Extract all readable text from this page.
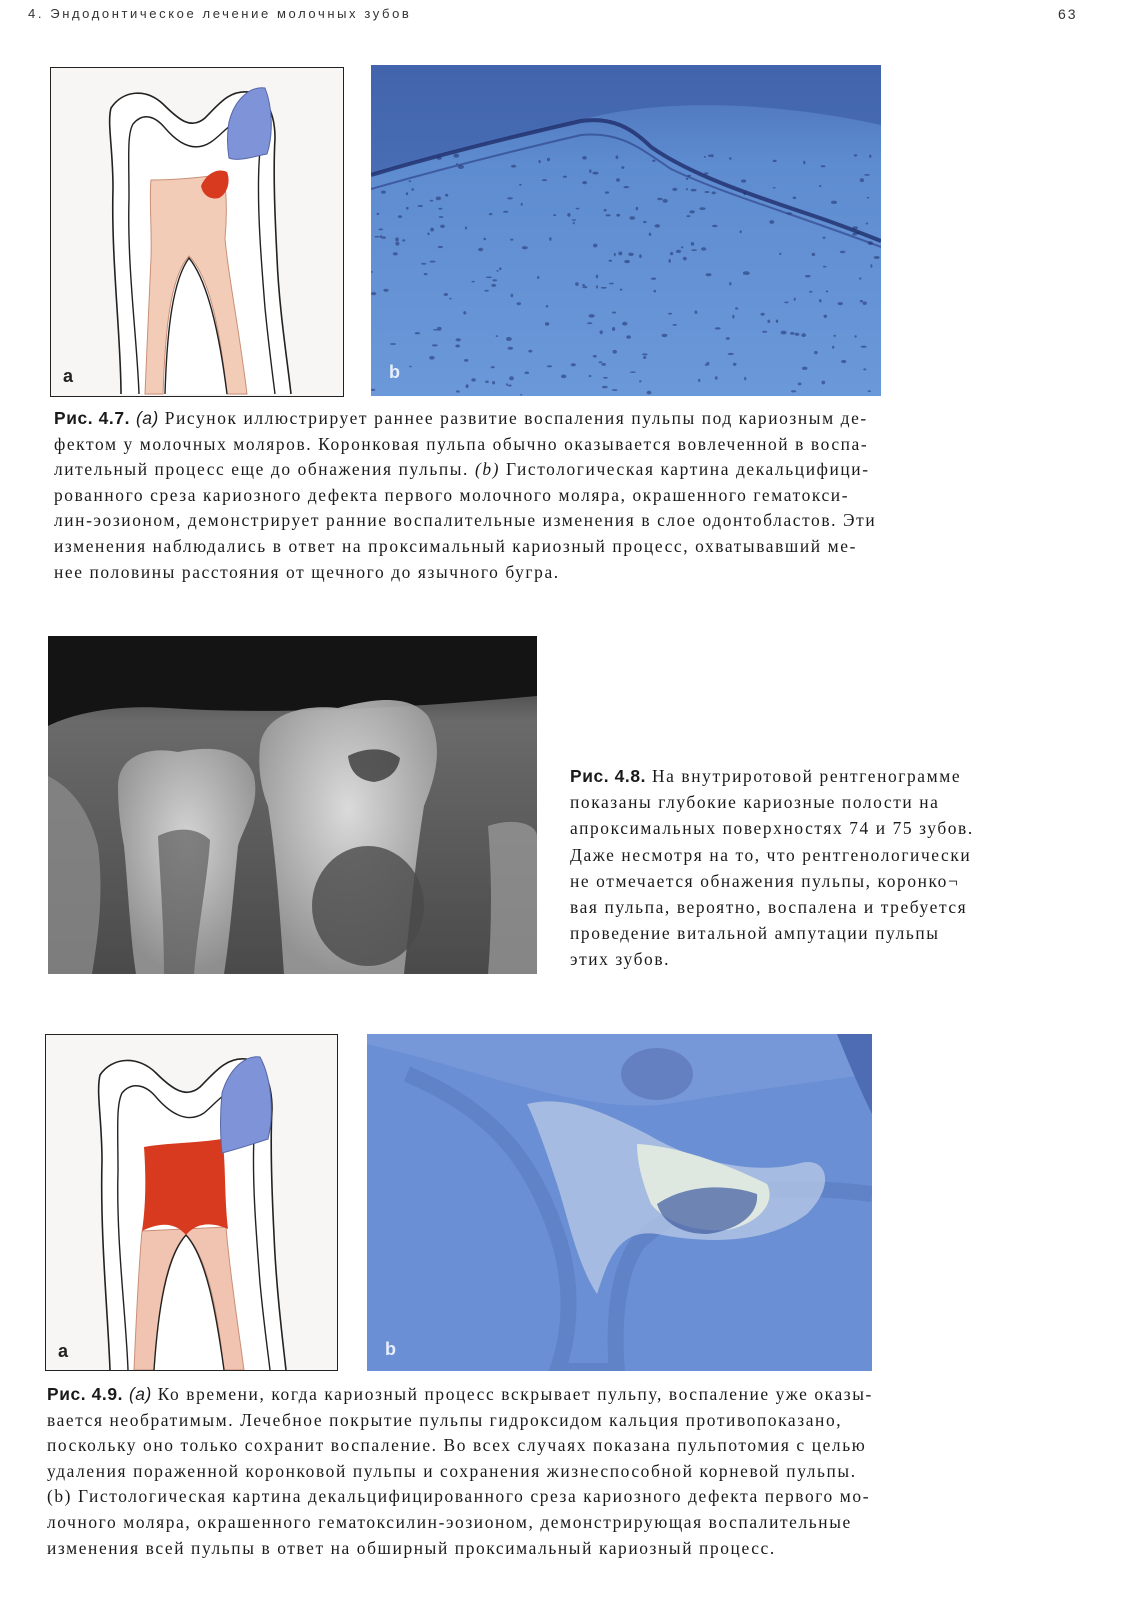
4. Эндодонтическое лечение молочных зубов	63
a	b
Рис. 4.7. (a) Рисунок иллюстрирует раннее развитие воспаления пульпы под кариозным де-
фектом у молочных моляров. Коронковая пульпа обычно оказывается вовлеченной в воспа-
лительный процесс еще до обнажения пульпы. (b) Гистологическая картина декальцифици-
рованного среза кариозного дефекта первого молочного моляра, окрашенного гематокси-
лин-эозионом, демонстрирует ранние воспалительные изменения в слое одонтобластов. Эти
изменения наблюдались в ответ на проксимальный кариозный процесс, охватывавший ме-
нее половины расстояния от щечного до язычного бугра.
Рис. 4.8. На внутриротовой рентгенограмме
показаны глубокие кариозные полости на
апроксимальных поверхностях 74 и 75 зубов.
Даже несмотря на то, что рентгенологически
не отмечается обнажения пульпы, коронко¬
вая пульпа, вероятно, воспалена и требуется
проведение витальной ампутации пульпы
этих зубов.
a	b
Рис. 4.9. (a) Ко времени, когда кариозный процесс вскрывает пульпу, воспаление уже оказы-
вается необратимым. Лечебное покрытие пульпы гидроксидом кальция противопоказано,
поскольку оно только сохранит воспаление. Во всех случаях показана пульпотомия с целью
удаления пораженной коронковой пульпы и сохранения жизнеспособной корневой пульпы.
(b) Гистологическая картина декальцифицированного среза кариозного дефекта первого мо-
лочного моляра, окрашенного гематоксилин-эозионом, демонстрирующая воспалительные
изменения всей пульпы в ответ на обширный проксимальный кариозный процесс.
